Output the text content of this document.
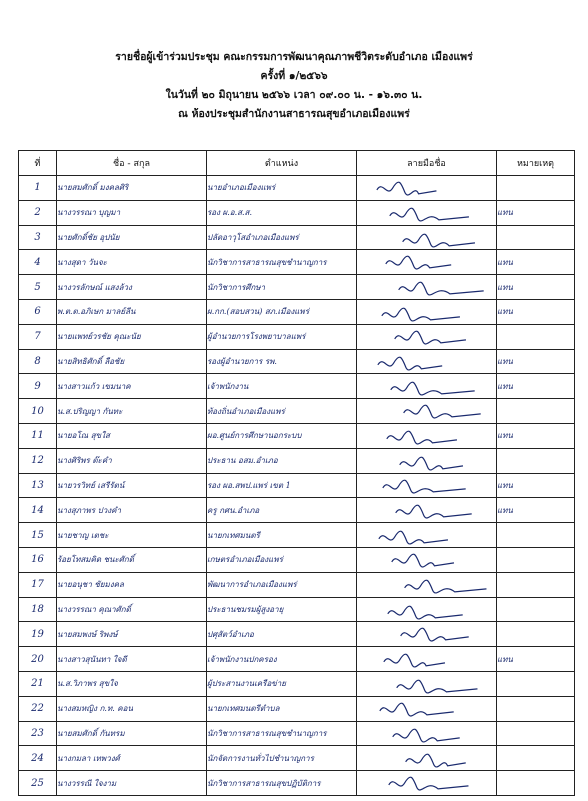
รายชื่อผู้เข้าร่วมประชุม คณะกรรมการพัฒนาคุณภาพชีวิตระดับอำเภอ เมืองแพร่
ครั้งที่ ๑/๒๕๖๖
ในวันที่ ๒๐ มิถุนายน ๒๕๖๖ เวลา ๐๙.๐๐ น. - ๑๖.๓๐ น.
ณ ห้องประชุมสำนักงานสาธารณสุขอำเภอเมืองแพร่
ที่	ชื่อ - สกุล	ตำแหน่ง	ลายมือชื่อ	หมายเหตุ
1	นายสมศักดิ์ มงคลศิริ	นายอำเภอเมืองแพร่	

2	นางวรรณา บุญมา	รอง ผ.อ.ส.ส.		แทน
3	นายศักดิ์ชัย อุปนัย	ปลัดอาวุโสอำเภอเมืองแพร่	

4	นางสุดา วันจะ	นักวิชาการสาธารณสุขชำนาญการ		แทน
5	นางวรลักษณ์ แสงล้วง	นักวิชาการศึกษา		แทน
6	พ.ต.ต.อภิเษก มาลย์ลีน	ผ.กก.(สอบสวน) สภ.เมืองแพร่		แทน
7	นายแพทย์วรชัย คุณะนัย	ผู้อำนวยการโรงพยาบาลแพร่	

8	นายสิทธิศักดิ์ ลือชัย	รองผู้อำนวยการ รพ.		แทน
9	นางสาวแก้ว เขมนาค	เจ้าพนักงาน		แทน
10	น.ส.ปริญญา กันทะ	ท้องถิ่นอำเภอเมืองแพร่	

11	นายอโณ สุขใส	ผอ.ศูนย์การศึกษานอกระบบ		แทน
12	นางศิริพร ต๊ะคำ	ประธาน อสม.อำเภอ	

13	นายวรวิทย์ เสรีรัตน์	รอง ผอ.สพป.แพร่ เขต 1		แทน
14	นางสุภาพร ปวงคำ	ครู กศน.อำเภอ		แทน
15	นายชาญ เตชะ	นายกเทศมนตรี	

16	ร้อยโทสมคิด ชนะศักดิ์	เกษตรอำเภอเมืองแพร่	

17	นายอนุชา ชัยมงคล	พัฒนาการอำเภอเมืองแพร่	

18	นางวรรณา คุณาศักดิ์	ประธานชมรมผู้สูงอายุ	

19	นายสมพงษ์ ริพงษ์	ปศุสัตว์อำเภอ	

20	นางสาวสุนันทา ใจดี	เจ้าพนักงานปกครอง		แทน
21	น.ส.วิภาพร สุขใจ	ผู้ประสานงานเครือข่าย	

22	นางสมหญิง ก.ท. คอน	นายกเทศมนตรีตำบล	

23	นายสมศักดิ์ กันทรม	นักวิชาการสาธารณสุขชำนาญการ	

24	นางกมลา เทพวงศ์	นักจัดการงานทั่วไปชำนาญการ	

25	นางวรรณี ใจงาม	นักวิชาการสาธารณสุขปฏิบัติการ	
